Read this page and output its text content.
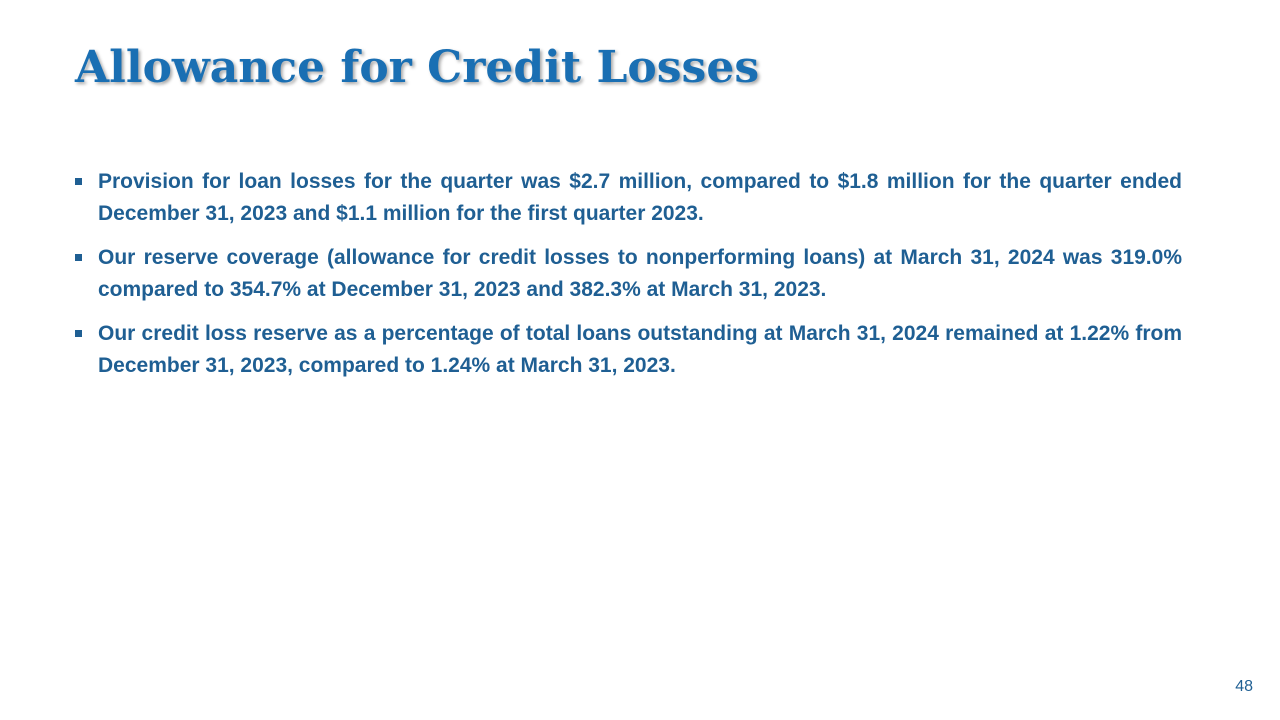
Allowance for Credit Losses
Provision for loan losses for the quarter was $2.7 million, compared to $1.8 million for the quarter ended December 31, 2023 and $1.1 million for the first quarter 2023.
Our reserve coverage (allowance for credit losses to nonperforming loans) at March 31, 2024 was 319.0% compared to 354.7% at December 31, 2023 and 382.3% at March 31, 2023.
Our credit loss reserve as a percentage of total loans outstanding at March 31, 2024 remained at 1.22% from December 31, 2023, compared to 1.24% at March 31, 2023.
48
